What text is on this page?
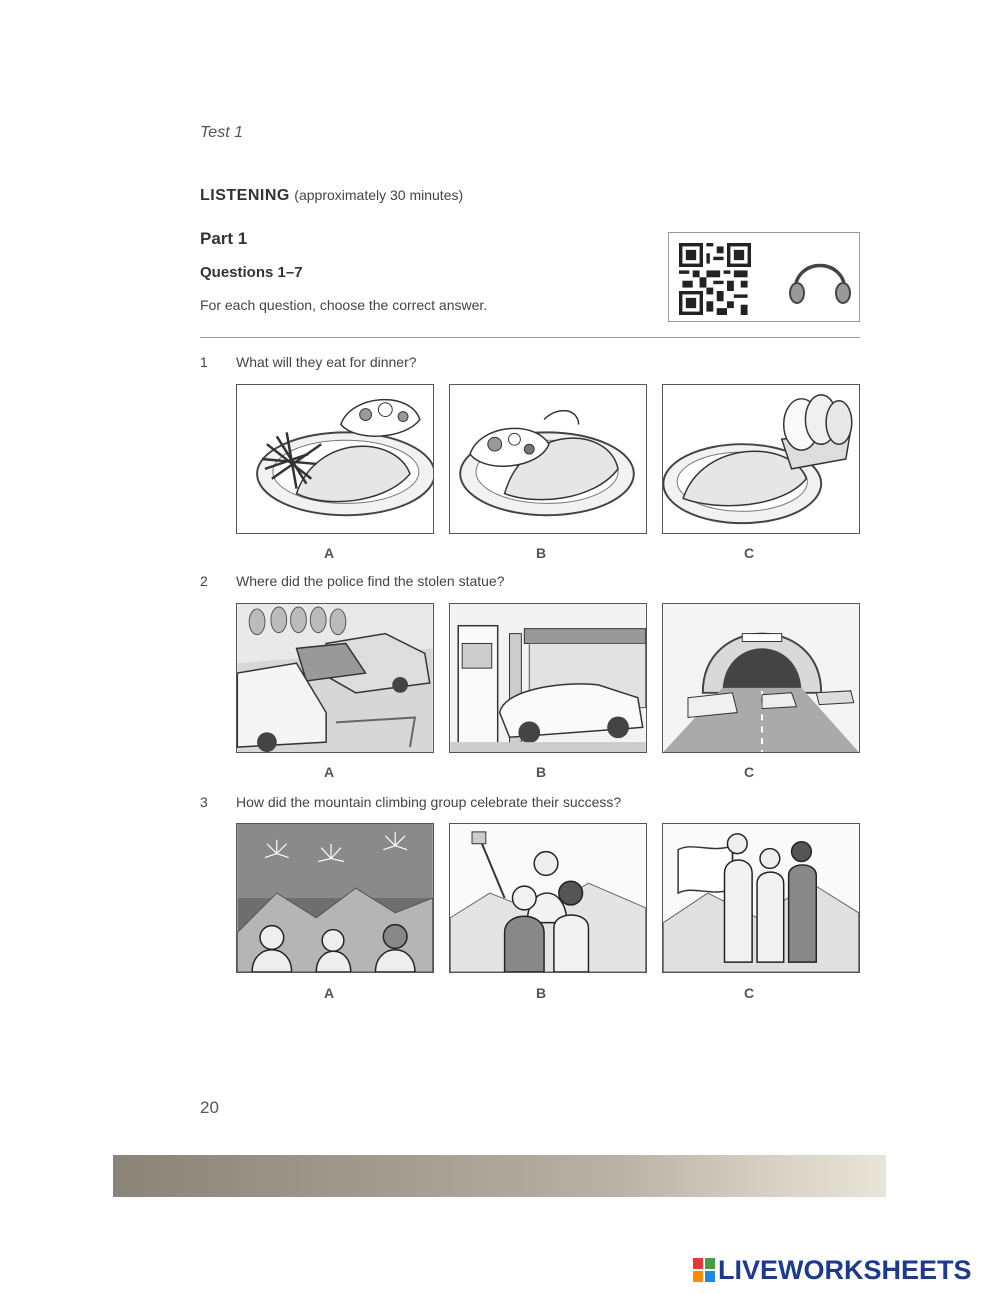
Test 1
LISTENING (approximately 30 minutes)
Part 1
Questions 1–7
For each question, choose the correct answer.
1 What will they eat for dinner?
A	B	C
2 Where did the police find the stolen statue?
A	B	C
3 How did the mountain climbing group celebrate their success?
A	B	C
20
LIVEWORKSHEETS
